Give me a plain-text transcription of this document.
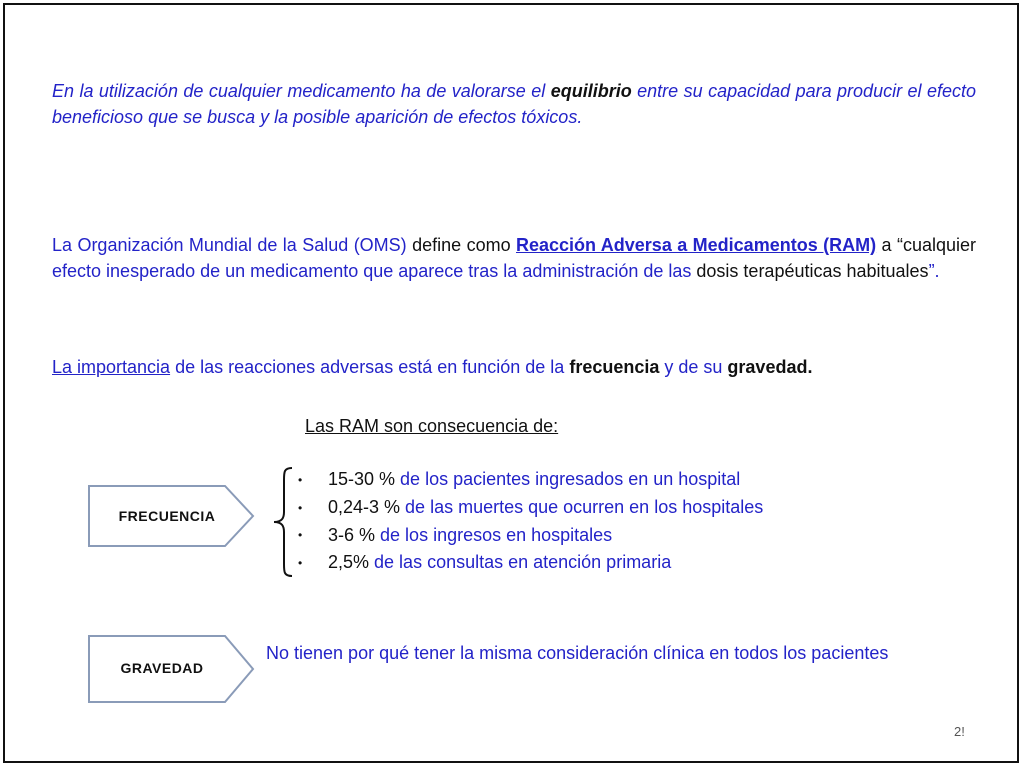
En la utilización de cualquier medicamento ha de valorarse el equilibrio entre su capacidad para producir el efecto beneficioso que se busca y la posible aparición de efectos tóxicos.
La Organización Mundial de la Salud (OMS) define como Reacción Adversa a Medicamentos (RAM) a “cualquier efecto inesperado de un medicamento que aparece tras la administración de las dosis terapéuticas habituales”.
La importancia de las reacciones adversas está en función de la frecuencia y de su gravedad.
Las RAM son consecuencia de:
FRECUENCIA
• 15-30 % de los pacientes ingresados en un hospital
• 0,24-3 % de las muertes que ocurren en los hospitales
• 3-6 % de los ingresos en hospitales
• 2,5% de las consultas en atención primaria
GRAVEDAD
No tienen por qué tener la misma consideración clínica en todos los pacientes
2!
